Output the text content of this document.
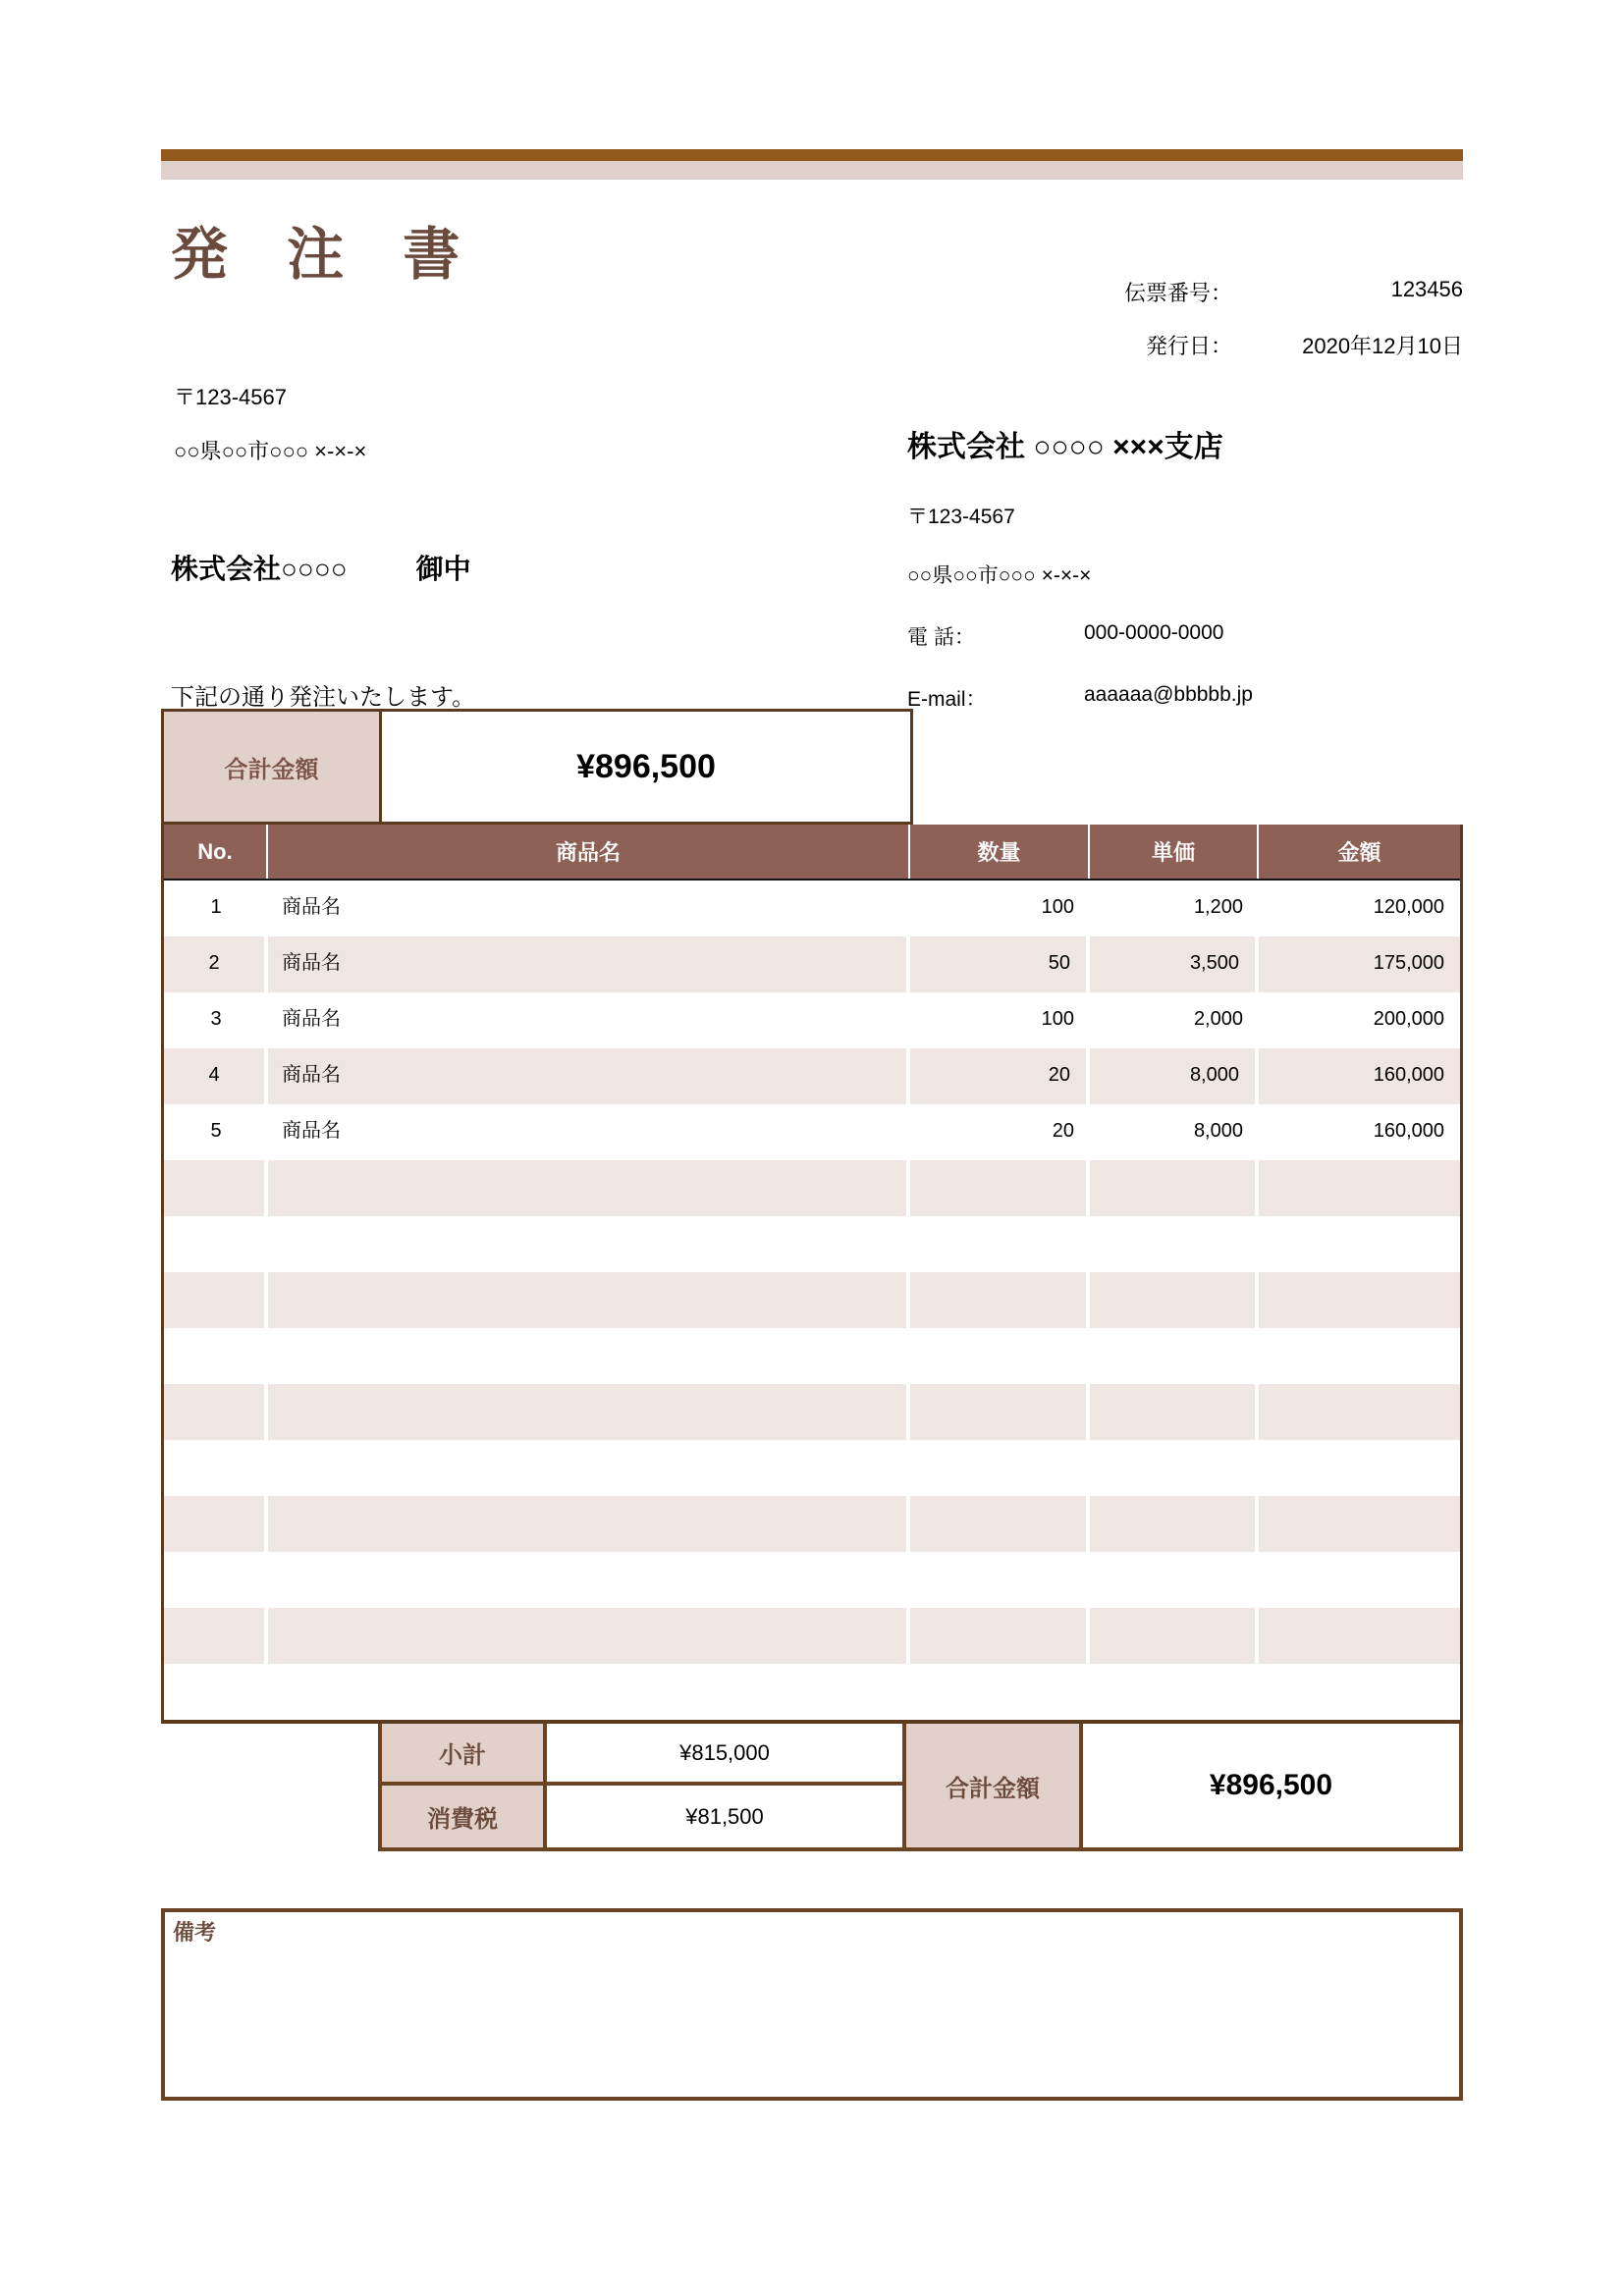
発 注 書
伝票番号：	123456
発行日：	2020年12月10日
〒123-4567
○○県○○市○○○ ×-×-×
株式会社○○○○	御中
下記の通り発注いたします。
株式会社 ○○○○ ×××支店
〒123-4567
○○県○○市○○○ ×-×-×
電 話：	000-0000-0000
E-mail：	aaaaaa@bbbbb.jp
合計金額	¥896,500
No.	商品名	数量	単価	金額
1	商品名	100	1,200	120,000
2	商品名	50	3,500	175,000
3	商品名	100	2,000	200,000
4	商品名	20	8,000	160,000
5	商品名	20	8,000	160,000
小計	¥815,000
消費税	¥81,500
合計金額	¥896,500
備考
